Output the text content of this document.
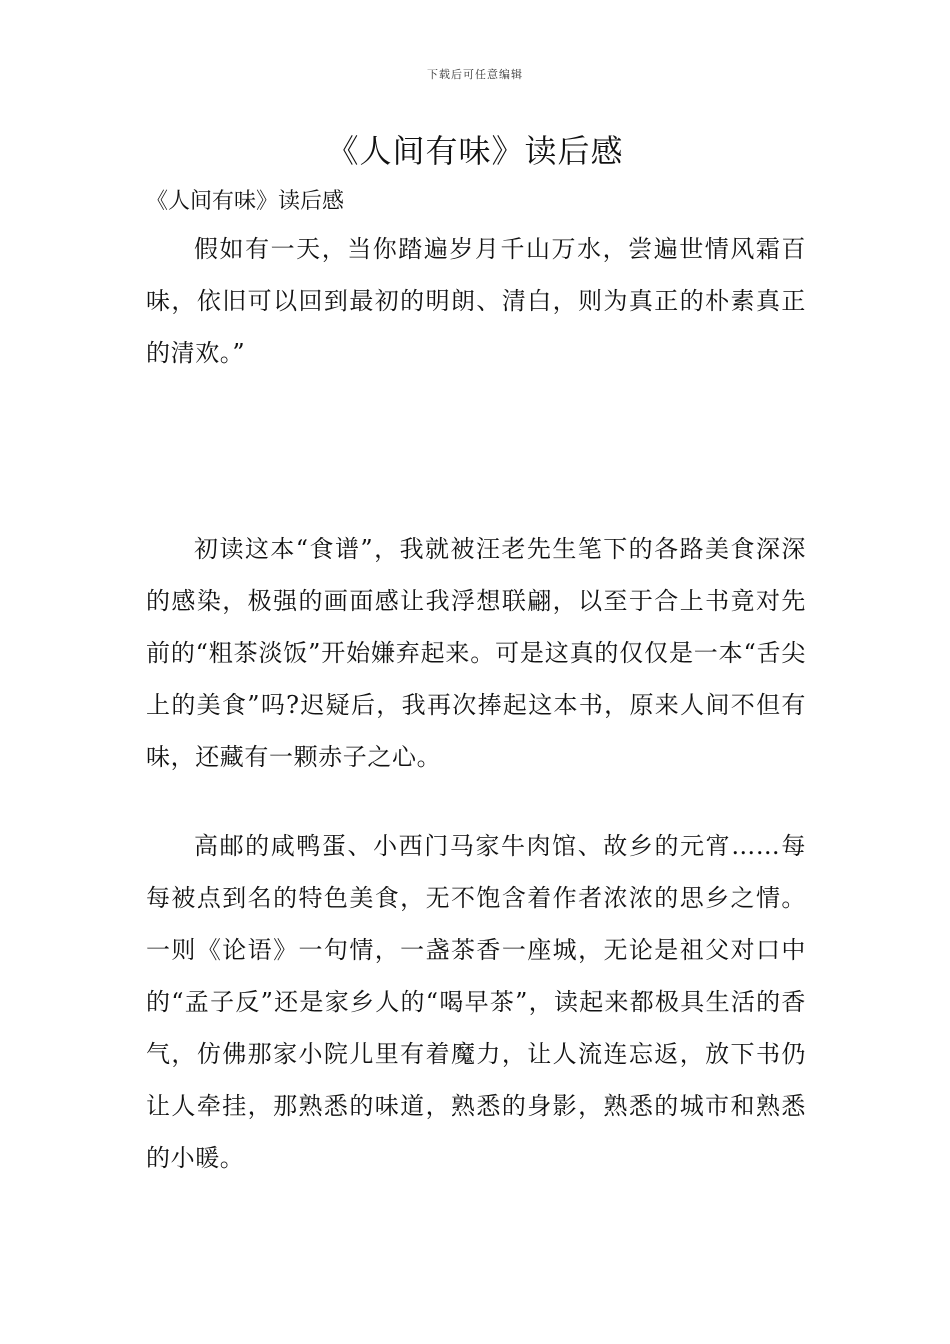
下载后可任意编辑
《人间有味》读后感

《人间有味》读后感

假如有一天，当你踏遍岁月千山万水，尝遍世情风霜百味，依旧可以回到最初的明朗、清白，则为真正的朴素真正的清欢。”

初读这本“食谱”，我就被汪老先生笔下的各路美食深深的感染，极强的画面感让我浮想联翩，以至于合上书竟对先前的“粗茶淡饭”开始嫌弃起来。可是这真的仅仅是一本“舌尖上的美食”吗?迟疑后，我再次捧起这本书，原来人间不但有味，还藏有一颗赤子之心。

高邮的咸鸭蛋、小西门马家牛肉馆、故乡的元宵……每每被点到名的特色美食，无不饱含着作者浓浓的思乡之情。一则《论语》一句情，一盏茶香一座城，无论是祖父对口中的“孟子反”还是家乡人的“喝早茶”，读起来都极具生活的香气，仿佛那家小院儿里有着魔力，让人流连忘返，放下书仍让人牵挂，那熟悉的味道，熟悉的身影，熟悉的城市和熟悉的小暖。
